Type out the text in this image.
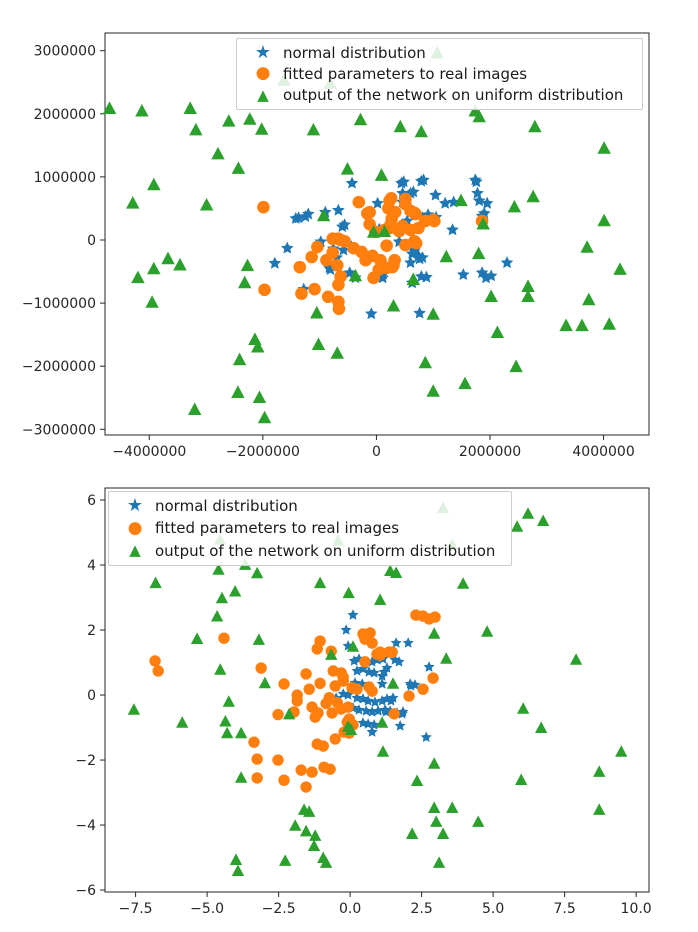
−4000000	−2000000	0	2000000	4000000
3000000
2000000
1000000
0
−1000000
−2000000
−3000000
−7.5	−5.0	−2.5	0.0	2.5	5.0	7.5	10.0
6
4
2
0
−2
−4
−6
★ normal distribution
● fitted parameters to real images
▲ output of the network on uniform distribution
★ normal distribution
● fitted parameters to real images
▲ output of the network on uniform distribution
